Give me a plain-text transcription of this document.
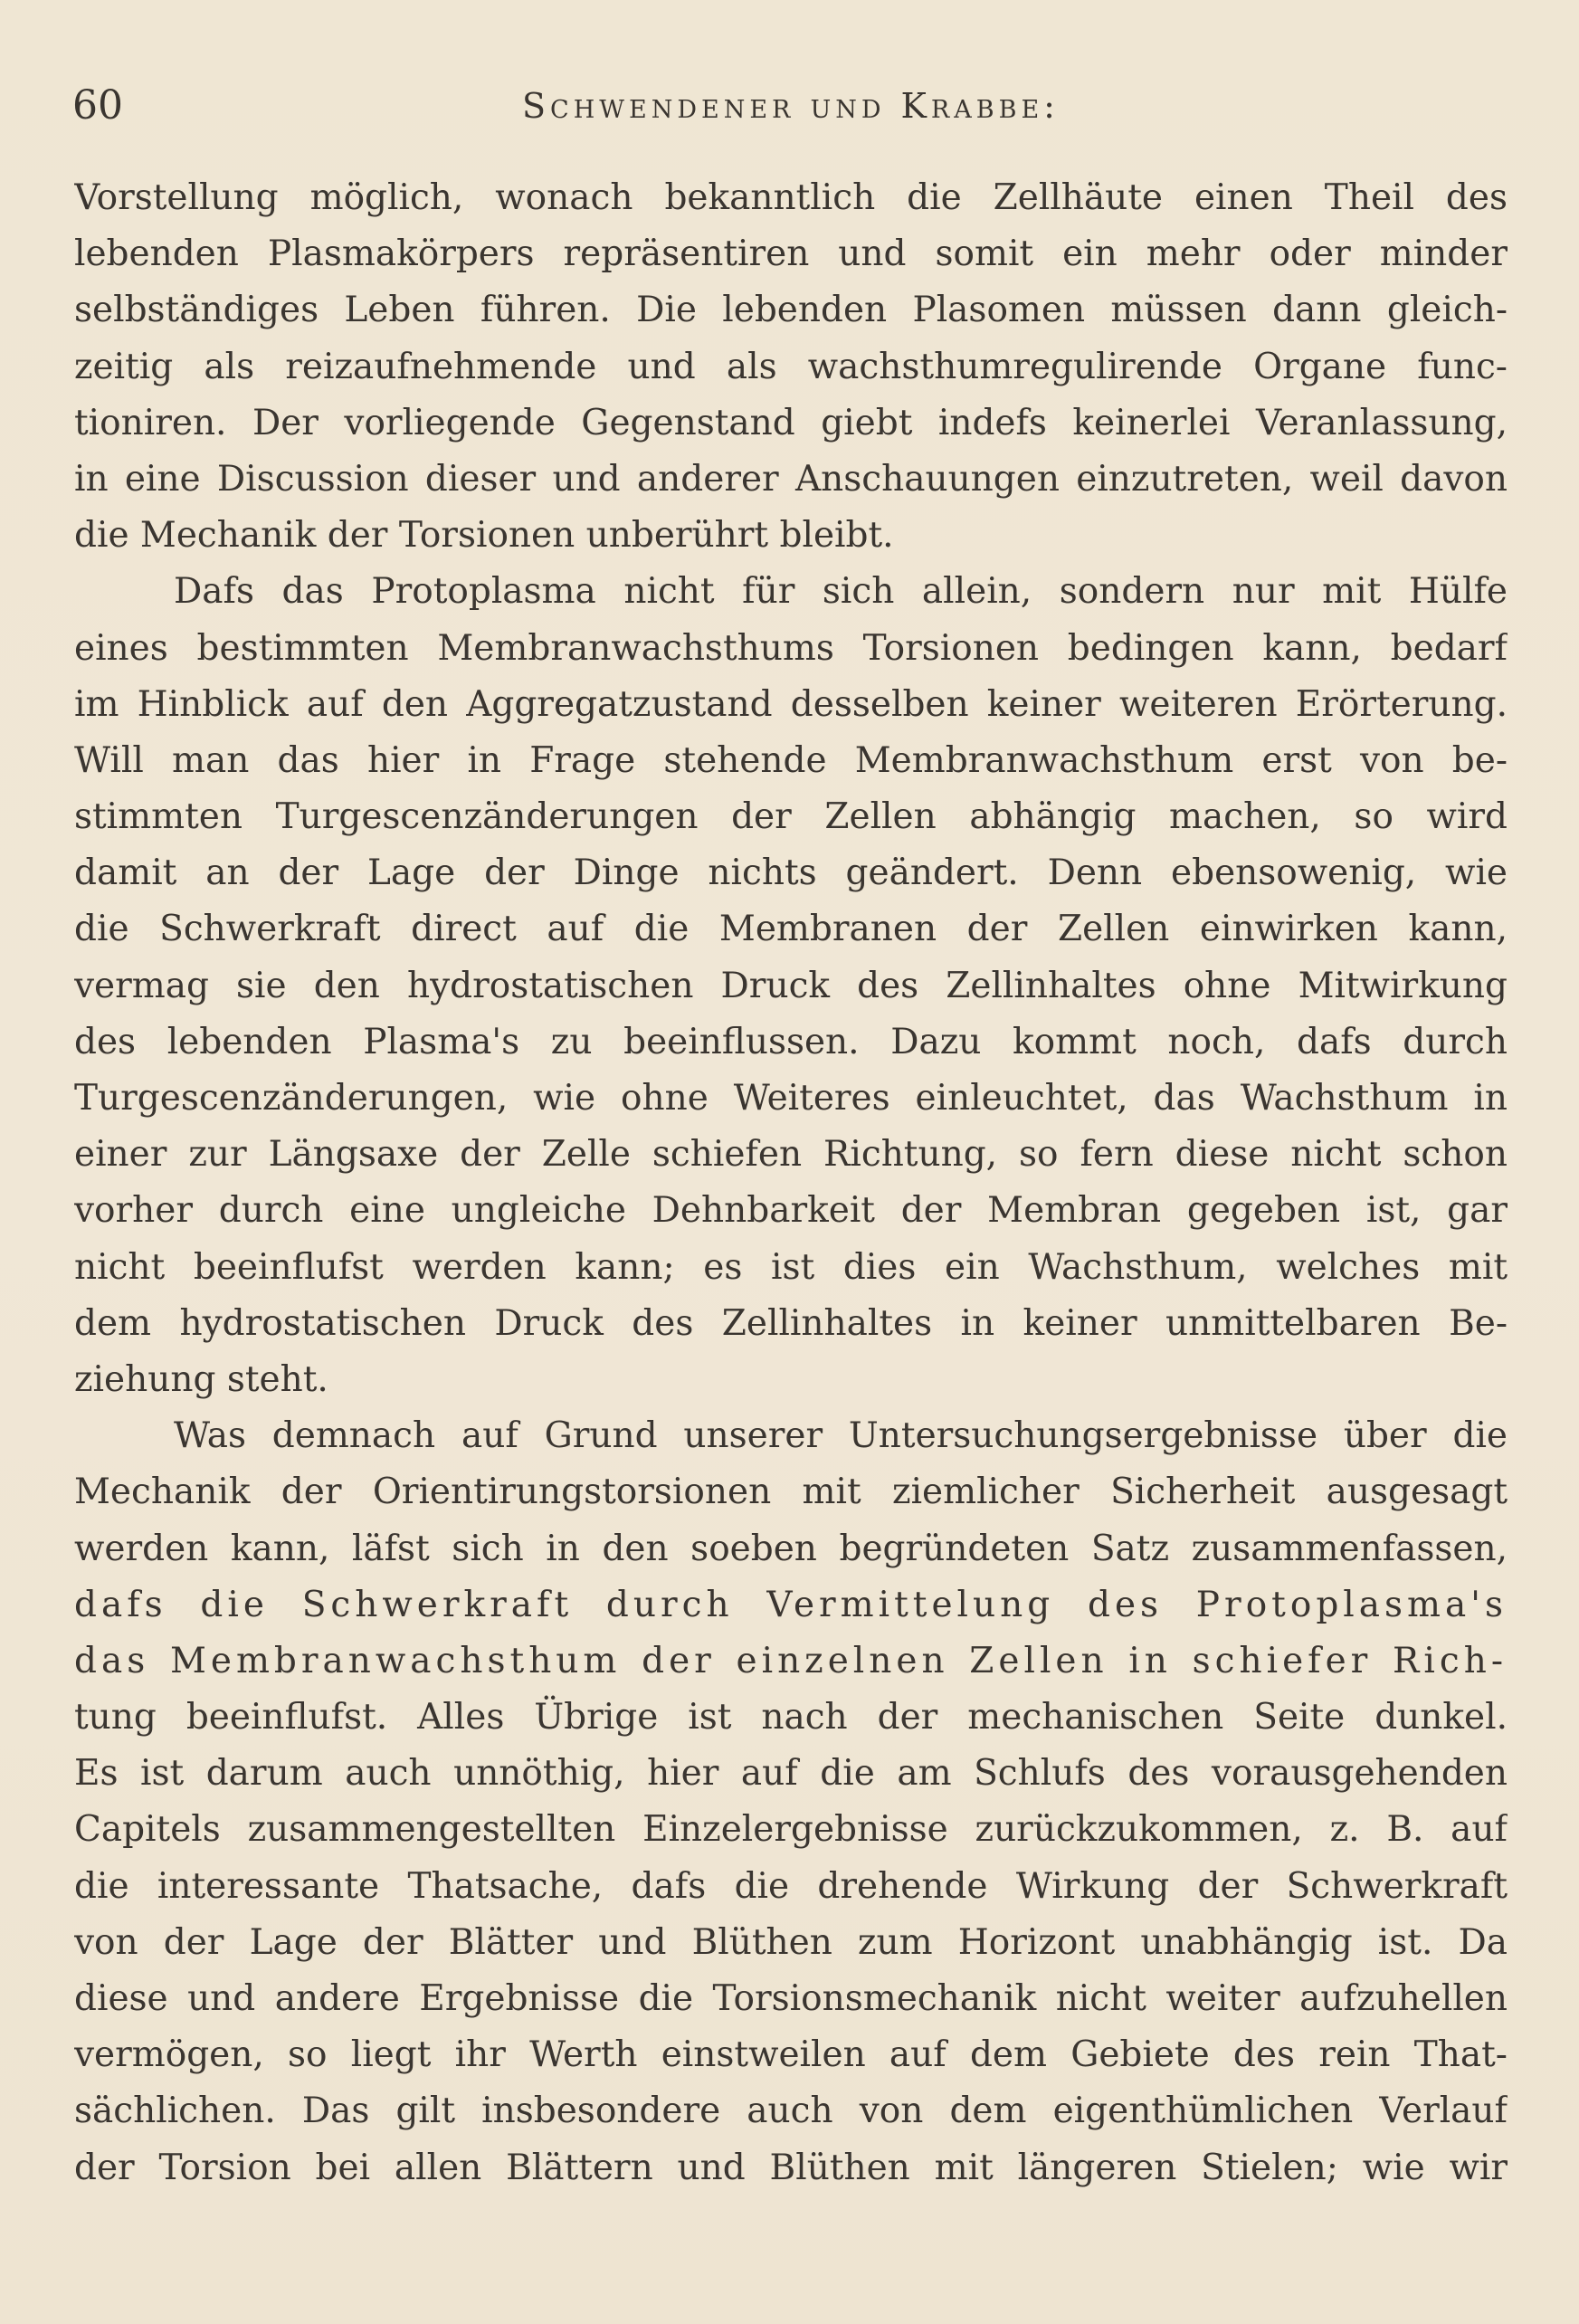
60	Schwendener und Krabbe:
Vorstellung möglich, wonach bekanntlich die Zellhäute einen Theil des
lebenden Plasmakörpers repräsentiren und somit ein mehr oder minder
selbständiges Leben führen. Die lebenden Plasomen müssen dann gleich-
zeitig als reizaufnehmende und als wachsthumregulirende Organe func-
tioniren. Der vorliegende Gegenstand giebt indefs keinerlei Veranlassung,
in eine Discussion dieser und anderer Anschauungen einzutreten, weil davon
die Mechanik der Torsionen unberührt bleibt.
Dafs das Protoplasma nicht für sich allein, sondern nur mit Hülfe
eines bestimmten Membranwachsthums Torsionen bedingen kann, bedarf
im Hinblick auf den Aggregatzustand desselben keiner weiteren Erörterung.
Will man das hier in Frage stehende Membranwachsthum erst von be-
stimmten Turgescenzänderungen der Zellen abhängig machen, so wird
damit an der Lage der Dinge nichts geändert. Denn ebensowenig, wie
die Schwerkraft direct auf die Membranen der Zellen einwirken kann,
vermag sie den hydrostatischen Druck des Zellinhaltes ohne Mitwirkung
des lebenden Plasma's zu beeinflussen. Dazu kommt noch, dafs durch
Turgescenzänderungen, wie ohne Weiteres einleuchtet, das Wachsthum in
einer zur Längsaxe der Zelle schiefen Richtung, so fern diese nicht schon
vorher durch eine ungleiche Dehnbarkeit der Membran gegeben ist, gar
nicht beeinflufst werden kann; es ist dies ein Wachsthum, welches mit
dem hydrostatischen Druck des Zellinhaltes in keiner unmittelbaren Be-
ziehung steht.
Was demnach auf Grund unserer Untersuchungsergebnisse über die
Mechanik der Orientirungstorsionen mit ziemlicher Sicherheit ausgesagt
werden kann, läfst sich in den soeben begründeten Satz zusammenfassen,
dafs die Schwerkraft durch Vermittelung des Protoplasma's
das Membranwachsthum der einzelnen Zellen in schiefer Rich-
tung beeinflufst. Alles Übrige ist nach der mechanischen Seite dunkel.
Es ist darum auch unnöthig, hier auf die am Schlufs des vorausgehenden
Capitels zusammengestellten Einzelergebnisse zurückzukommen, z. B. auf
die interessante Thatsache, dafs die drehende Wirkung der Schwerkraft
von der Lage der Blätter und Blüthen zum Horizont unabhängig ist. Da
diese und andere Ergebnisse die Torsionsmechanik nicht weiter aufzuhellen
vermögen, so liegt ihr Werth einstweilen auf dem Gebiete des rein That-
sächlichen. Das gilt insbesondere auch von dem eigenthümlichen Verlauf
der Torsion bei allen Blättern und Blüthen mit längeren Stielen; wie wir
